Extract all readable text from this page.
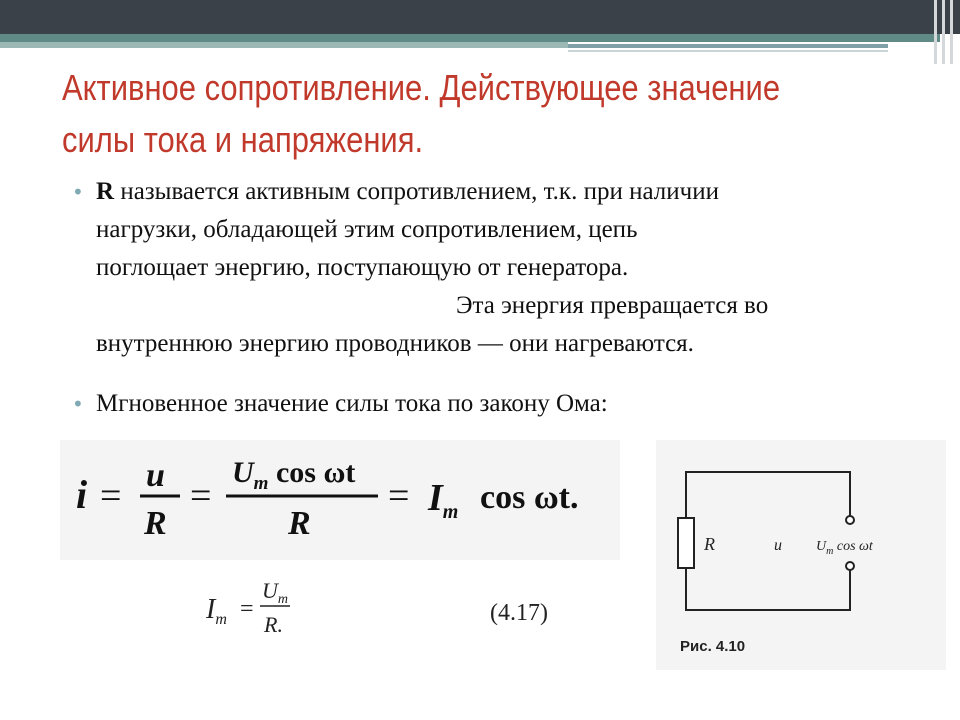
Активное сопротивление. Действующее значение
силы тока и напряжения.
• R называется активным сопротивлением, т.к. при наличии
нагрузки, обладающей этим сопротивлением, цепь
поглощает энергию, поступающую от генератора.
Эта энергия превращается во
внутреннюю энергию проводников — они нагреваются.
• Мгновенное значение силы тока по закону Ома:
i = u
R
=
$U_m$ cos ωt
R
= $I_m$ cos ωt.
$I_m$ =
$U_m$
R.	(4.17)
R	u $U_m$ cos ωt
Рис. 4.10
